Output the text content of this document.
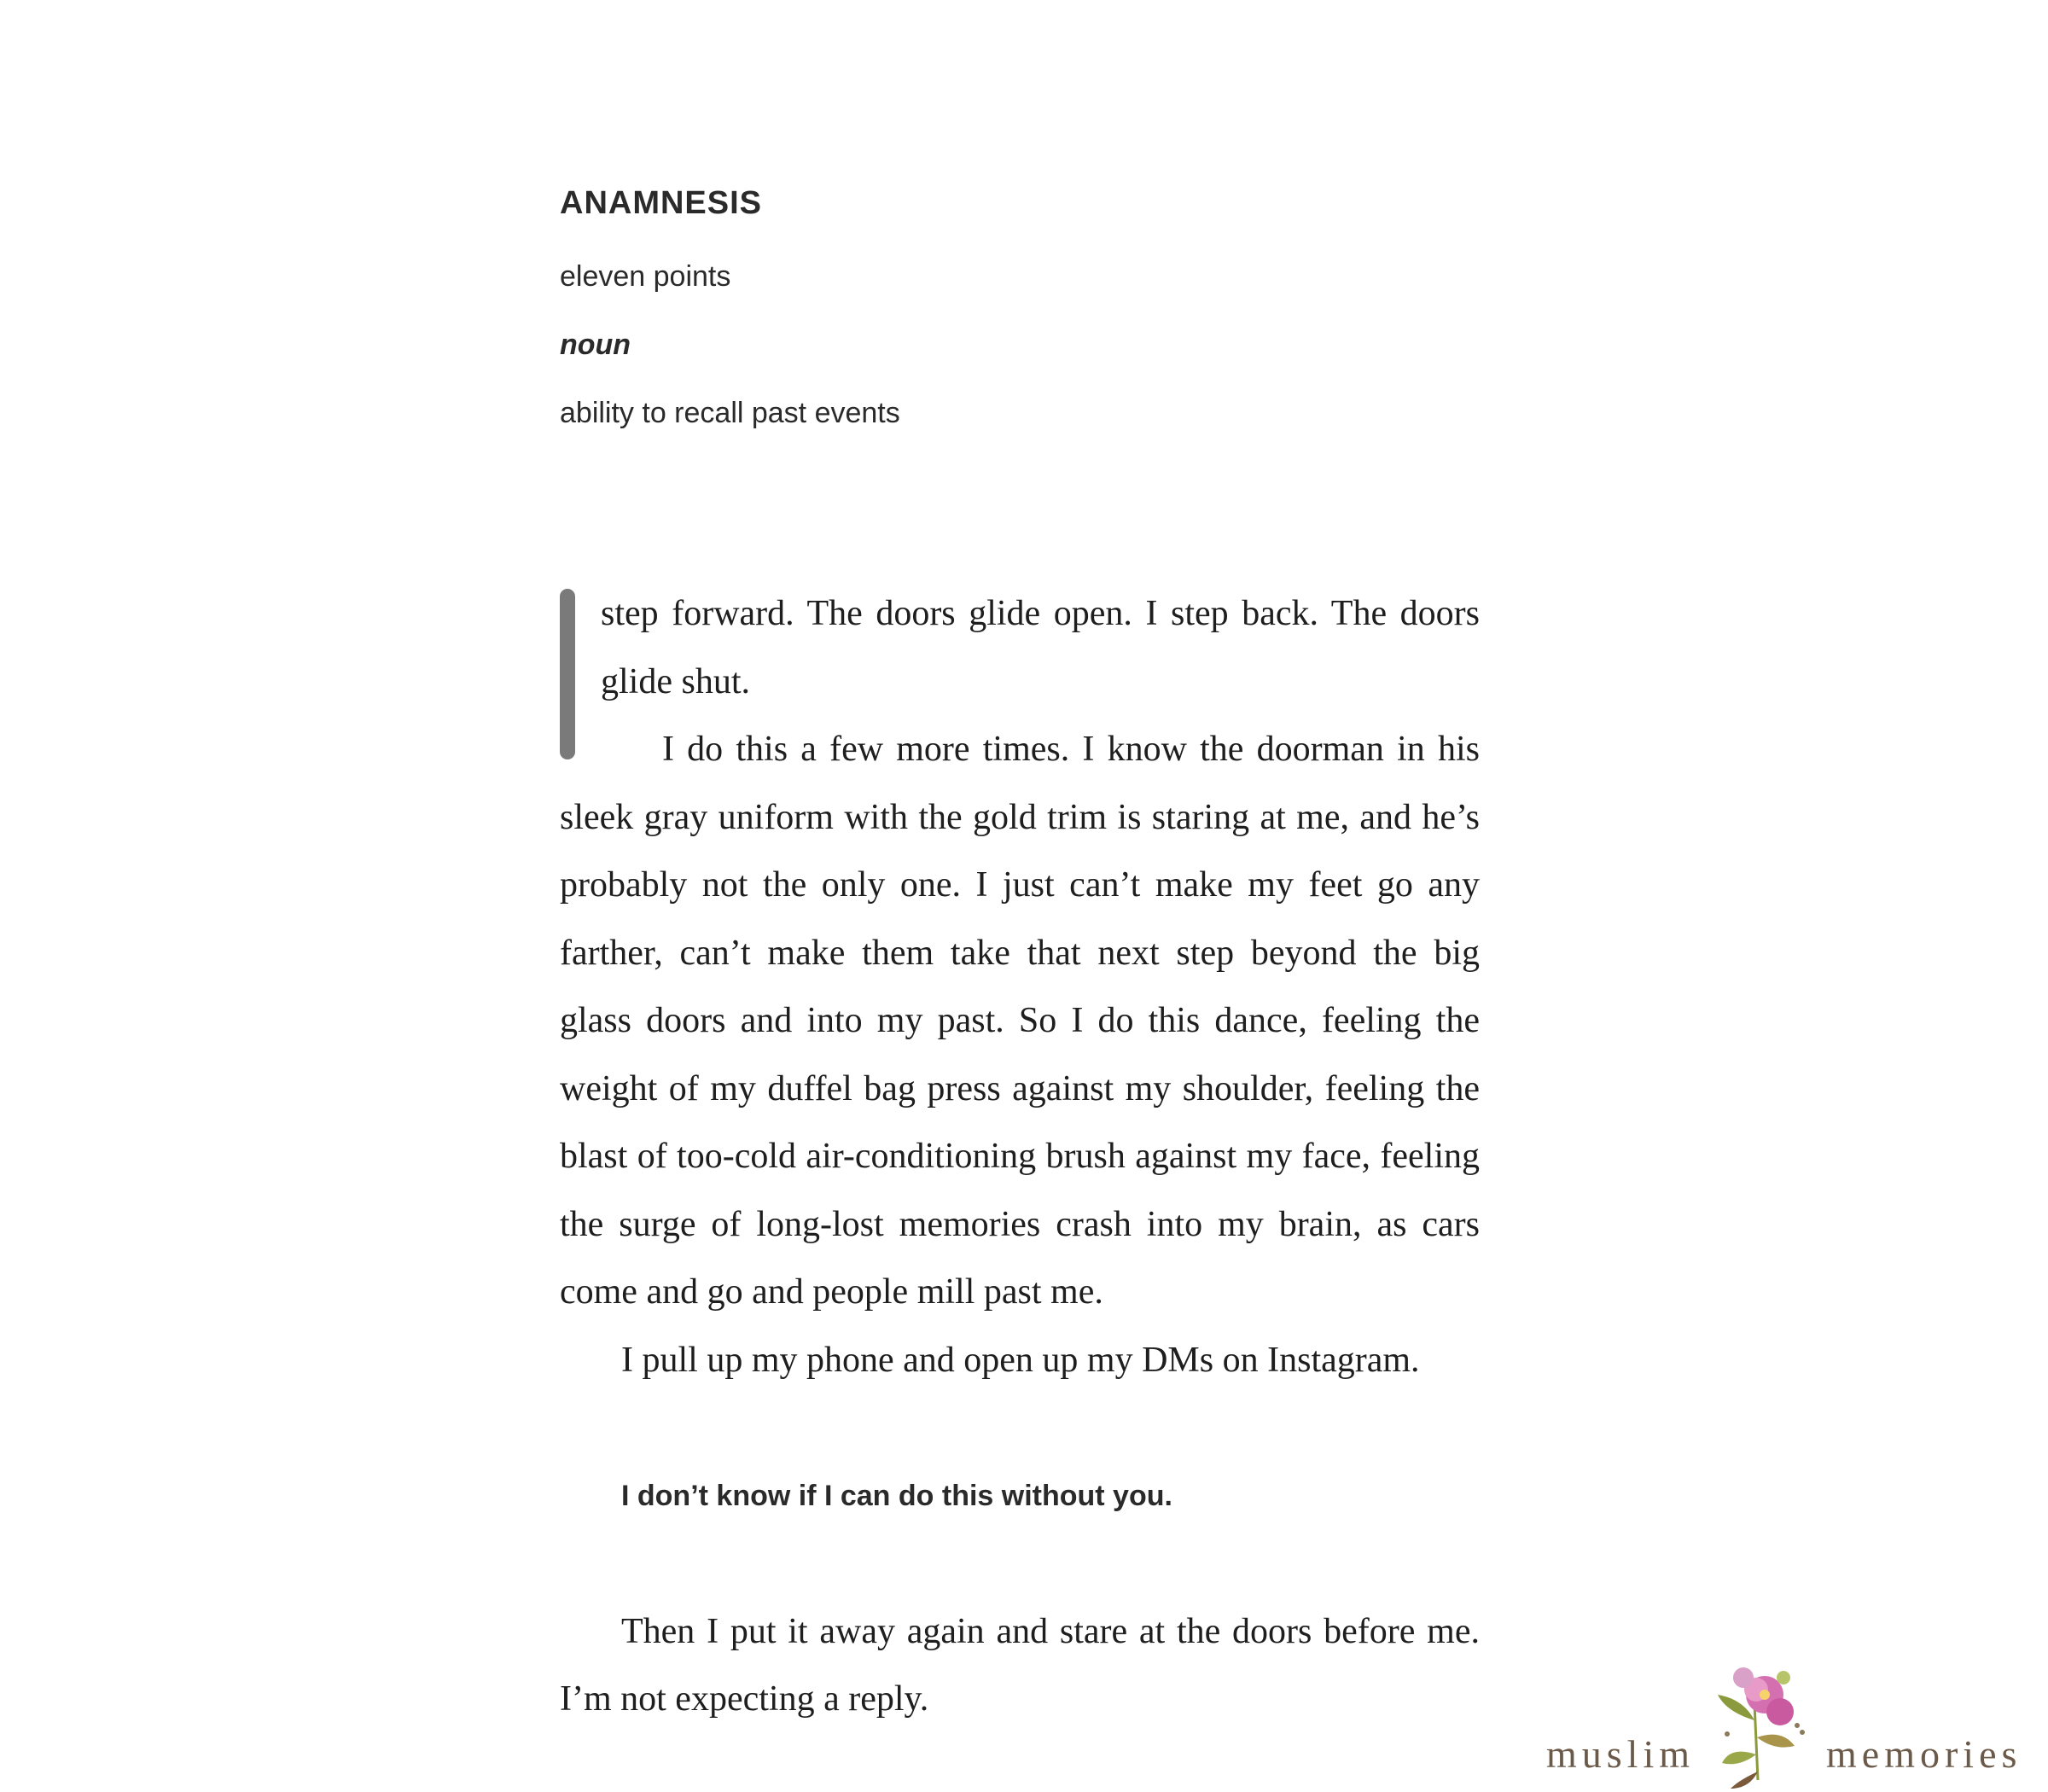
ANAMNESIS
eleven points
noun
ability to recall past events

step forward. The doors glide open. I step back. The doors glide shut.

I do this a few more times. I know the doorman in his sleek gray uniform with the gold trim is staring at me, and he’s probably not the only one. I just can’t make my feet go any farther, can’t make them take that next step beyond the big glass doors and into my past. So I do this dance, feeling the weight of my duffel bag press against my shoulder, feeling the blast of too-cold air-conditioning brush against my face, feeling the surge of long-lost memories crash into my brain, as cars come and go and people mill past me.

I pull up my phone and open up my DMs on Instagram.

I don’t know if I can do this without you.

Then I put it away again and stare at the doors before me. I’m not expecting a reply.

muslim	memories
